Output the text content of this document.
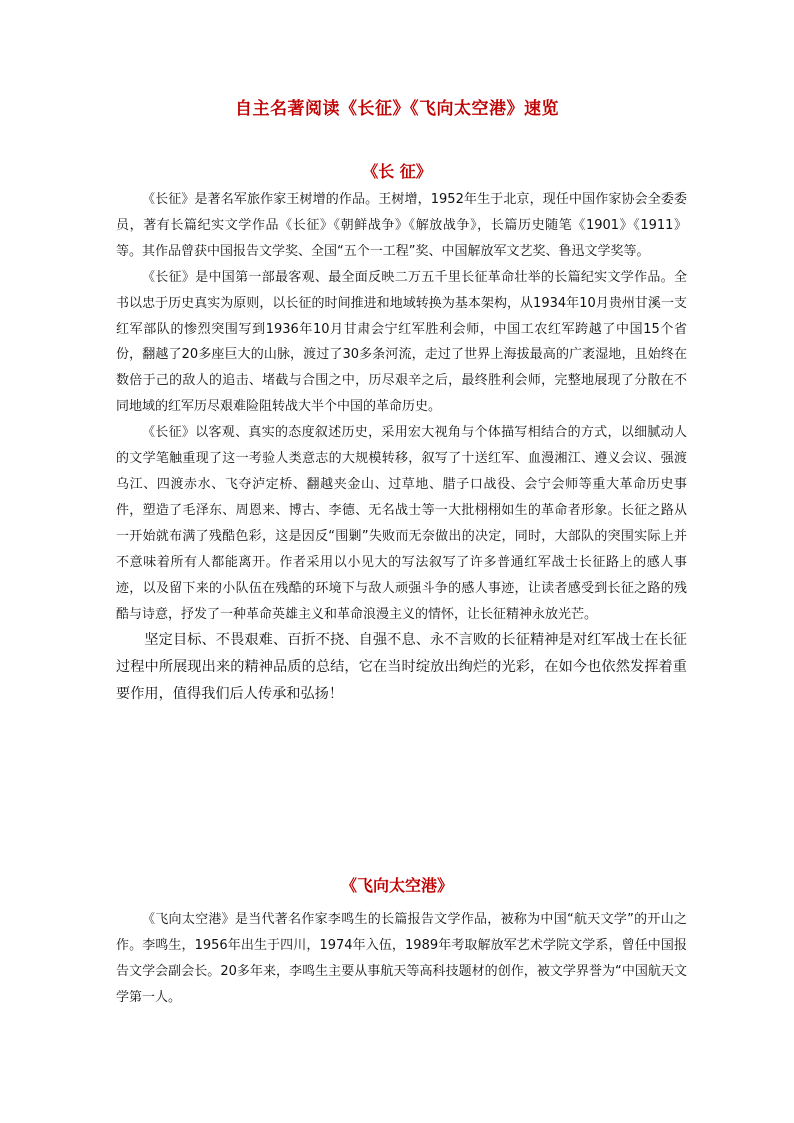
自主名著阅读《长征》《飞向太空港》速览
《长 征》

《长征》是著名军旅作家王树增的作品。王树增，1952年生于北京，现任中国作家协会全委委员，著有长篇纪实文学作品《长征》《朝鲜战争》《解放战争》，长篇历史随笔《1901》《1911》等。其作品曾获中国报告文学奖、全国“五个一工程”奖、中国解放军文艺奖、鲁迅文学奖等。

《长征》是中国第一部最客观、最全面反映二万五千里长征革命壮举的长篇纪实文学作品。全书以忠于历史真实为原则，以长征的时间推进和地域转换为基本架构，从1934年10月贵州甘溪一支红军部队的惨烈突围写到1936年10月甘肃会宁红军胜利会师，中国工农红军跨越了中国15个省份，翻越了20多座巨大的山脉，渡过了30多条河流，走过了世界上海拔最高的广袤湿地，且始终在数倍于己的敌人的追击、堵截与合围之中，历尽艰辛之后，最终胜利会师，完整地展现了分散在不同地域的红军历尽艰难险阻转战大半个中国的革命历史。

《长征》以客观、真实的态度叙述历史，采用宏大视角与个体描写相结合的方式，以细腻动人的文学笔触重现了这一考验人类意志的大规模转移，叙写了十送红军、血漫湘江、遵义会议、强渡乌江、四渡赤水、飞夺泸定桥、翻越夹金山、过草地、腊子口战役、会宁会师等重大革命历史事件，塑造了毛泽东、周恩来、博古、李德、无名战士等一大批栩栩如生的革命者形象。长征之路从一开始就布满了残酷色彩，这是因反“围剿”失败而无奈做出的决定，同时，大部队的突围实际上并不意味着所有人都能离开。作者采用以小见大的写法叙写了许多普通红军战士长征路上的感人事迹，以及留下来的小队伍在残酷的环境下与敌人顽强斗争的感人事迹，让读者感受到长征之路的残酷与诗意，抒发了一种革命英雄主义和革命浪漫主义的情怀，让长征精神永放光芒。

坚定目标、不畏艰难、百折不挠、自强不息、永不言败的长征精神是对红军战士在长征过程中所展现出来的精神品质的总结，它在当时绽放出绚烂的光彩，在如今也依然发挥着重要作用，值得我们后人传承和弘扬！

《飞向太空港》

《飞向太空港》是当代著名作家李鸣生的长篇报告文学作品，被称为中国“航天文学”的开山之作。李鸣生，1956年出生于四川，1974年入伍，1989年考取解放军艺术学院文学系，曾任中国报告文学会副会长。20多年来，李鸣生主要从事航天等高科技题材的创作，被文学界誉为“中国航天文学第一人。
